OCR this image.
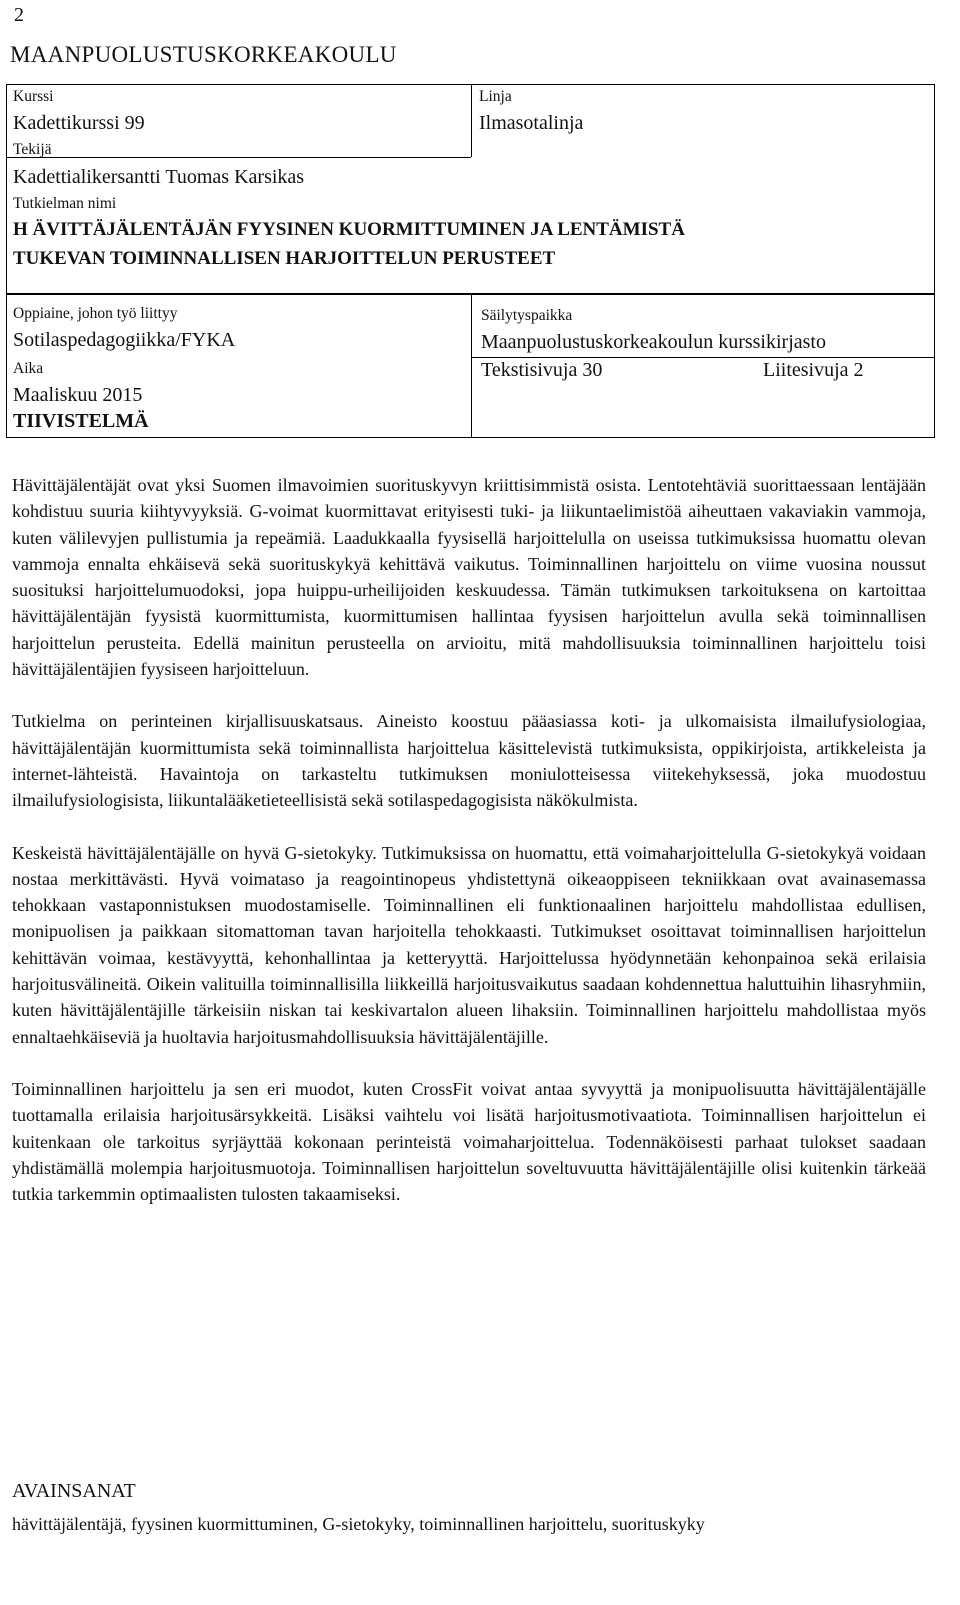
2
MAANPUOLUSTUSKORKEAKOULU
Kurssi
Kadettikurssi 99
Linja
Ilmasotalinja
Tekijä
Kadettialikersantti Tuomas Karsikas
Tutkielman nimi
H ÄVITTÄJÄLENTÄJÄN FYYSINEN KUORMITTUMINEN JA LENTÄMISTÄ
TUKEVAN TOIMINNALLISEN HARJOITTELUN PERUSTEET
Oppiaine, johon työ liittyy
Sotilaspedagogiikka/FYKA
Aika
Maaliskuu 2015
TIIVISTELMÄ
Säilytyspaikka
Maanpuolustuskorkeakoulun kurssikirjasto
Tekstisivuja 30	Liitesivuja 2

Hävittäjälentäjät ovat yksi Suomen ilmavoimien suorituskyvyn kriittisimmistä osista. Lentotehtäviä suorittaessaan lentäjään kohdistuu suuria kiihtyvyyksiä. G-voimat kuormittavat erityisesti tuki- ja liikuntaelimistöä aiheuttaen vakaviakin vammoja, kuten välilevyjen pullistumia ja repeämiä. Laadukkaalla fyysisellä harjoittelulla on useissa tutkimuksissa huomattu olevan vammoja ennalta ehkäisevä sekä suorituskykyä kehittävä vaikutus. Toiminnallinen harjoittelu on viime vuosina noussut suosituksi harjoittelumuodoksi, jopa huippu-urheilijoiden keskuudessa. Tämän tutkimuksen tarkoituksena on kartoittaa hävittäjälentäjän fyysistä kuormittumista, kuormittumisen hallintaa fyysisen harjoittelun avulla sekä toiminnallisen harjoittelun perusteita. Edellä mainitun perusteella on arvioitu, mitä mahdollisuuksia toiminnallinen harjoittelu toisi hävittäjälentäjien fyysiseen harjoitteluun.

Tutkielma on perinteinen kirjallisuuskatsaus. Aineisto koostuu pääasiassa koti- ja ulkomaisista ilmailufysiologiaa, hävittäjälentäjän kuormittumista sekä toiminnallista harjoittelua käsittelevistä tutkimuksista, oppikirjoista, artikkeleista ja internet-lähteistä. Havaintoja on tarkasteltu tutkimuksen moniulotteisessa viitekehyksessä, joka muodostuu ilmailufysiologisista, liikuntalääketieteellisistä sekä sotilaspedagogisista näkökulmista.

Keskeistä hävittäjälentäjälle on hyvä G-sietokyky. Tutkimuksissa on huomattu, että voimaharjoittelulla G-sietokykyä voidaan nostaa merkittävästi. Hyvä voimataso ja reagointinopeus yhdistettynä oikeaoppiseen tekniikkaan ovat avainasemassa tehokkaan vastaponnistuksen muodostamiselle. Toiminnallinen eli funktionaalinen harjoittelu mahdollistaa edullisen, monipuolisen ja paikkaan sitomattoman tavan harjoitella tehokkaasti. Tutkimukset osoittavat toiminnallisen harjoittelun kehittävän voimaa, kestävyyttä, kehonhallintaa ja ketteryyttä. Harjoittelussa hyödynnetään kehonpainoa sekä erilaisia harjoitusvälineitä. Oikein valituilla toiminnallisilla liikkeillä harjoitusvaikutus saadaan kohdennettua haluttuihin lihasryhmiin, kuten hävittäjälentäjille tärkeisiin niskan tai keskivartalon alueen lihaksiin. Toiminnallinen harjoittelu mahdollistaa myös ennaltaehkäiseviä ja huoltavia harjoitusmahdollisuuksia hävittäjälentäjille.

Toiminnallinen harjoittelu ja sen eri muodot, kuten CrossFit voivat antaa syvyyttä ja monipuolisuutta hävittäjälentäjälle tuottamalla erilaisia harjoitusärsykkeitä. Lisäksi vaihtelu voi lisätä harjoitusmotivaatiota. Toiminnallisen harjoittelun ei kuitenkaan ole tarkoitus syrjäyttää kokonaan perinteistä voimaharjoittelua. Todennäköisesti parhaat tulokset saadaan yhdistämällä molempia harjoitusmuotoja. Toiminnallisen harjoittelun soveltuvuutta hävittäjälentäjille olisi kuitenkin tärkeää tutkia tarkemmin optimaalisten tulosten takaamiseksi.

AVAINSANAT
hävittäjälentäjä, fyysinen kuormittuminen, G-sietokyky, toiminnallinen harjoittelu, suorituskyky
